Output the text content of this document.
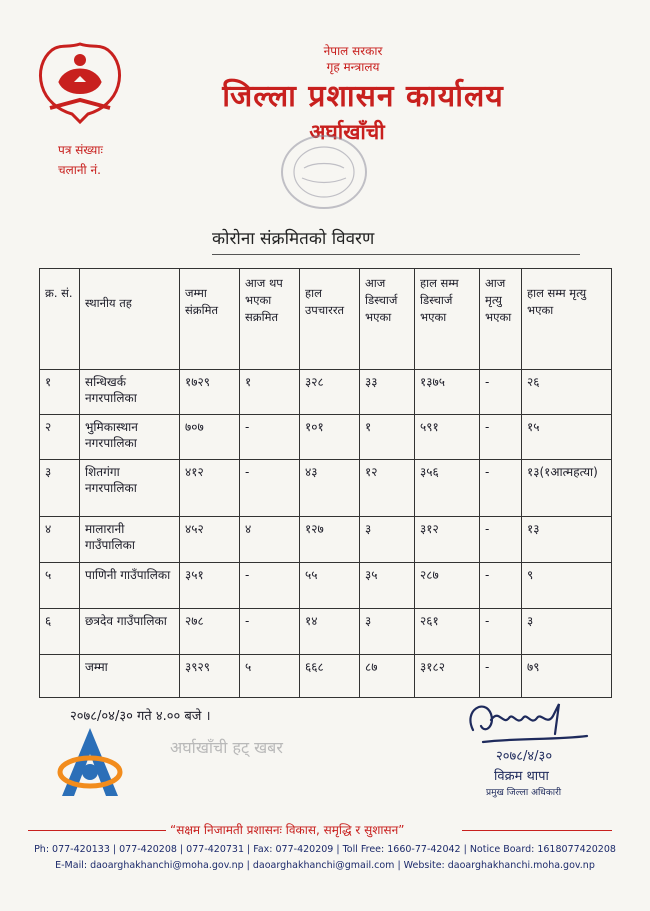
नेपाल सरकार
गृह मन्त्रालय
जिल्ला प्रशासन कार्यालय
अर्घाखाँची
पत्र संख्याः
चलानी नं.
कोरोना संक्रमितको विवरण
क्र. सं.	स्थानीय तह	जम्मा संक्रमित	आज थप भएका सक्रमित	हाल उपचाररत	आज डिस्चार्ज भएका	हाल सम्म डिस्चार्ज भएका	आज मृत्यु भएका	हाल सम्म मृत्यु भएका
१	सन्धिखर्क नगरपालिका	१७२९	१	३२८	३३	१३७५	-	२६
२	भुमिकास्थान नगरपालिका	७०७	-	१०१	१	५९१	-	१५
३	शितगंगा नगरपालिका	४१२	-	४३	१२	३५६	-	१३(१आत्महत्या)
४	मालारानी गाउँपालिका	४५२	४	१२७	३	३१२	-	१३
५	पाणिनी गाउँपालिका	३५१	-	५५	३५	२८७	-	९
६	छत्रदेव गाउँपालिका	२७८	-	१४	३	२६१	-	३
	जम्मा	३९२९	५	६६८	८७	३१८२	-	७९
२०७८/०४/३० गते ४.०० बजे ।
२०७८/४/३०
विक्रम थापा
प्रमुख जिल्ला अधिकारी
अर्घाखाँची हट् खबर
“सक्षम निजामती प्रशासनः विकास, समृद्धि र सुशासन”
Ph: 077-420133 | 077-420208 | 077-420731 | Fax: 077-420209 | Toll Free: 1660-77-42042 | Notice Board: 1618077420208
E-Mail: daoarghakhanchi@moha.gov.np | daoarghakhanchi@gmail.com | Website: daoarghakhanchi.moha.gov.np
